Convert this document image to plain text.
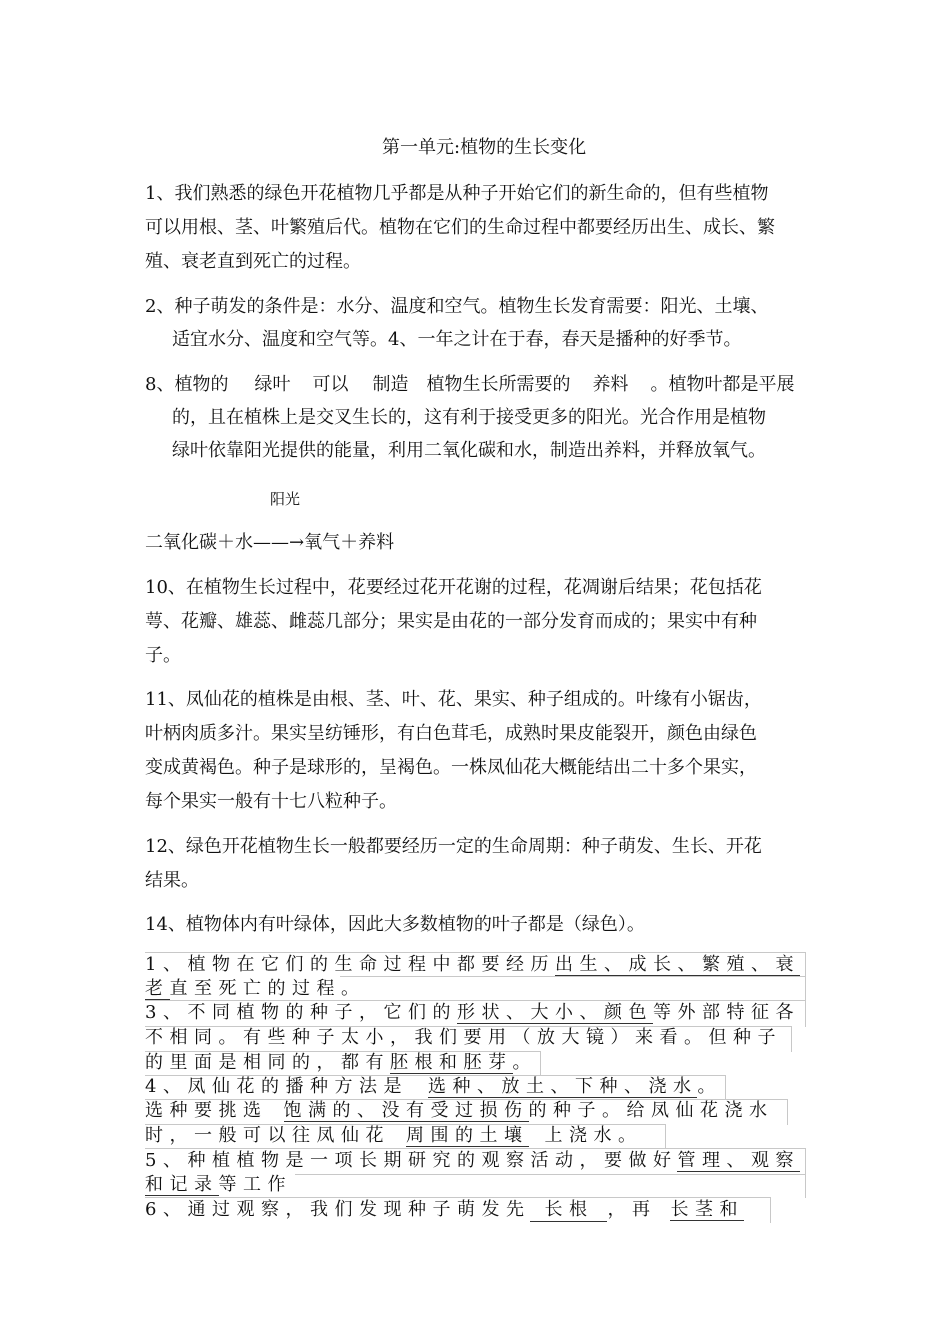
第一单元:植物的生长变化
1、我们熟悉的绿色开花植物几乎都是从种子开始它们的新生命的，但有些植物
可以用根、茎、叶繁殖后代。植物在它们的生命过程中都要经历出生、成长、繁
殖、衰老直到死亡的过程。
2、种子萌发的条件是：水分、温度和空气。植物生长发育需要：阳光、土壤、
适宜水分、温度和空气等。4、一年之计在于春，春天是播种的好季节。
8、植物的 绿叶 可以 制造 植物生长所需要的 养料 。植物叶都是平展
的，且在植株上是交叉生长的，这有利于接受更多的阳光。光合作用是植物
绿叶依靠阳光提供的能量，利用二氧化碳和水，制造出养料，并释放氧气。
阳光
二氧化碳＋水——→氧气＋养料
10、在植物生长过程中，花要经过花开花谢的过程，花凋谢后结果；花包括花
萼、花瓣、雄蕊、雌蕊几部分；果实是由花的一部分发育而成的；果实中有种
子。
11、凤仙花的植株是由根、茎、叶、花、果实、种子组成的。叶缘有小锯齿，
叶柄肉质多汁。果实呈纺锤形，有白色茸毛，成熟时果皮能裂开，颜色由绿色
变成黄褐色。种子是球形的，呈褐色。一株凤仙花大概能结出二十多个果实，
每个果实一般有十七八粒种子。
12、绿色开花植物生长一般都要经历一定的生命周期：种子萌发、生长、开花
结果。
14、植物体内有叶绿体，因此大多数植物的叶子都是（绿色）。
1、植物在它们的生命过程中都要经历出生、成长、繁殖、衰
老直至死亡的过程。
3、不同植物的种子，它们的形状、大小、颜色等外部特征各
不相同。有些种子太小，我们要用（放大镜）来看。但种子
的里面是相同的，都有胚根和胚芽。
4、凤仙花的播种方法是 选种、放土、下种、浇水。
选种要挑选 饱满的、没有受过损伤的种子。给凤仙花浇水
时，一般可以往凤仙花 周围的土壤 上浇水。
5、种植植物是一项长期研究的观察活动，要做好管理、观察
和记录等工作
6、通过观察，我们发现种子萌发先 长根 ，再 长茎和
